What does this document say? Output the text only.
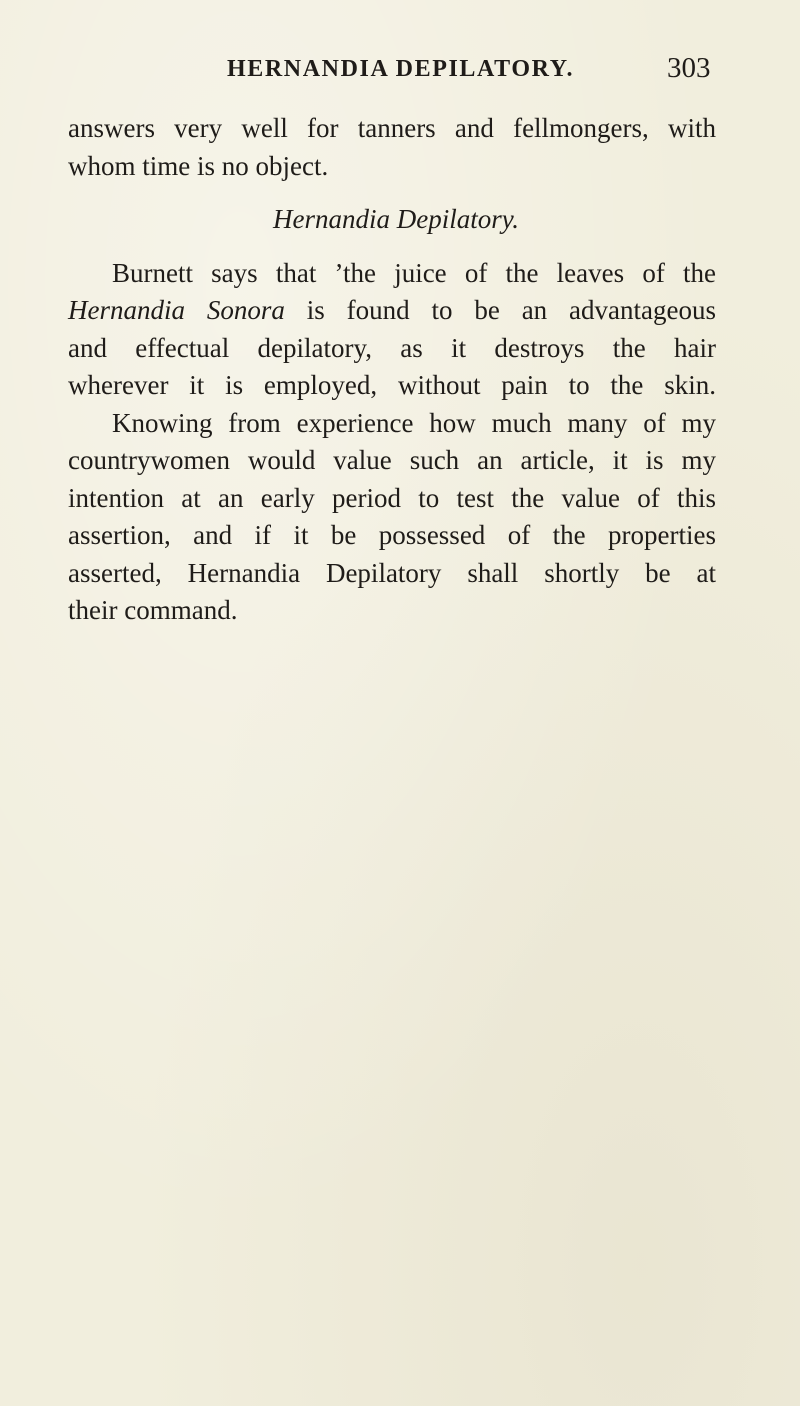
HERNANDIA DEPILATORY.	303
answers very well for tanners and fellmongers, with
whom time is no object.
Hernandia Depilatory.
Burnett says that ’the juice of the leaves of the
Hernandia Sonora is found to be an advantageous
and effectual depilatory, as it destroys the hair
wherever it is employed, without pain to the skin.
Knowing from experience how much many of my
countrywomen would value such an article, it is my
intention at an early period to test the value of this
assertion, and if it be possessed of the properties
asserted, Hernandia Depilatory shall shortly be at
their command.
